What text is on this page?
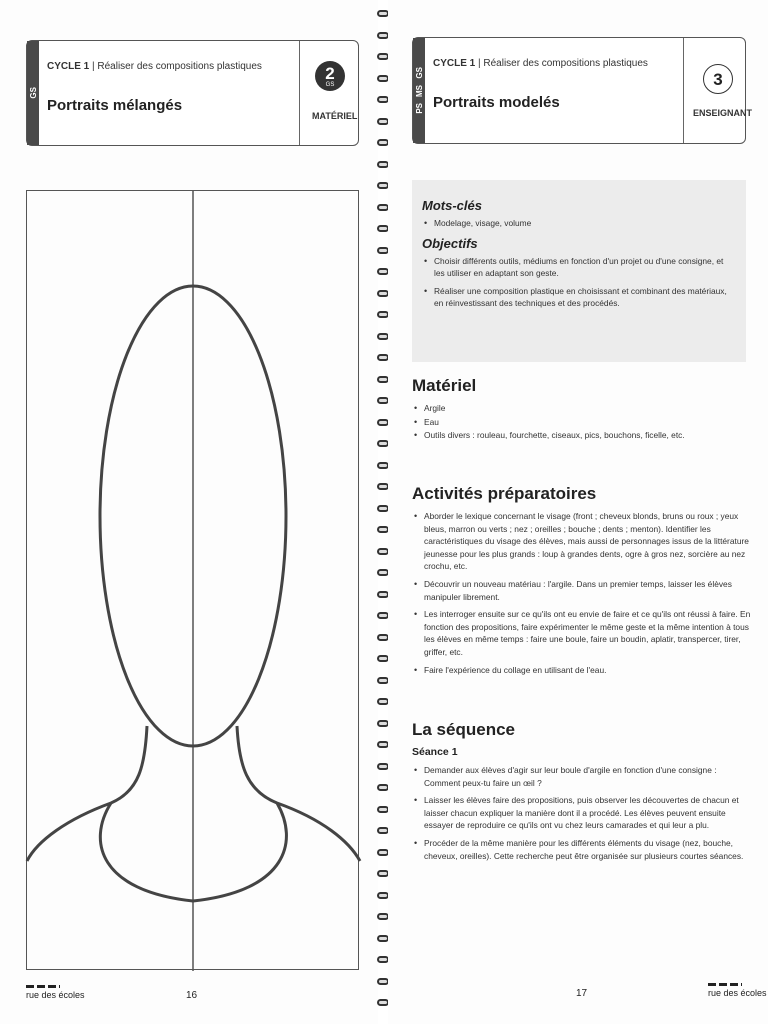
GS
CYCLE 1 | Réaliser des compositions plastiques
Portraits mélangés
2
GS
MATÉRIEL
rue des écoles	16
GS
MS
PS
CYCLE 1 | Réaliser des compositions plastiques
Portraits modelés
3
ENSEIGNANT
Mots-clés
• Modelage, visage, volume
Objectifs
• Choisir différents outils, médiums en fonction d'un projet ou d'une consigne, et les utiliser en adaptant son geste.
• Réaliser une composition plastique en choisissant et combinant des matériaux, en réinvestissant des techniques et des procédés.
Matériel
• Argile
• Eau
• Outils divers : rouleau, fourchette, ciseaux, pics, bouchons, ficelle, etc.
Activités préparatoires
• Aborder le lexique concernant le visage (front ; cheveux blonds, bruns ou roux ; yeux bleus, marron ou verts ; nez ; oreilles ; bouche ; dents ; menton). Identifier les caractéristiques du visage des élèves, mais aussi de personnages issus de la littérature jeunesse pour les plus grands : loup à grandes dents, ogre à gros nez, sorcière au nez crochu, etc.
• Découvrir un nouveau matériau : l'argile. Dans un premier temps, laisser les élèves manipuler librement.
• Les interroger ensuite sur ce qu'ils ont eu envie de faire et ce qu'ils ont réussi à faire. En fonction des propositions, faire expérimenter le même geste et la même intention à tous les élèves en même temps : faire une boule, faire un boudin, aplatir, transpercer, tirer, griffer, etc.
• Faire l'expérience du collage en utilisant de l'eau.
La séquence
Séance 1
• Demander aux élèves d'agir sur leur boule d'argile en fonction d'une consigne : Comment peux-tu faire un œil ?
• Laisser les élèves faire des propositions, puis observer les découvertes de chacun et laisser chacun expliquer la manière dont il a procédé. Les élèves peuvent ensuite essayer de reproduire ce qu'ils ont vu chez leurs camarades et qui leur a plu.
• Procéder de la même manière pour les différents éléments du visage (nez, bouche, cheveux, oreilles). Cette recherche peut être organisée sur plusieurs courtes séances.
17	rue des écoles
